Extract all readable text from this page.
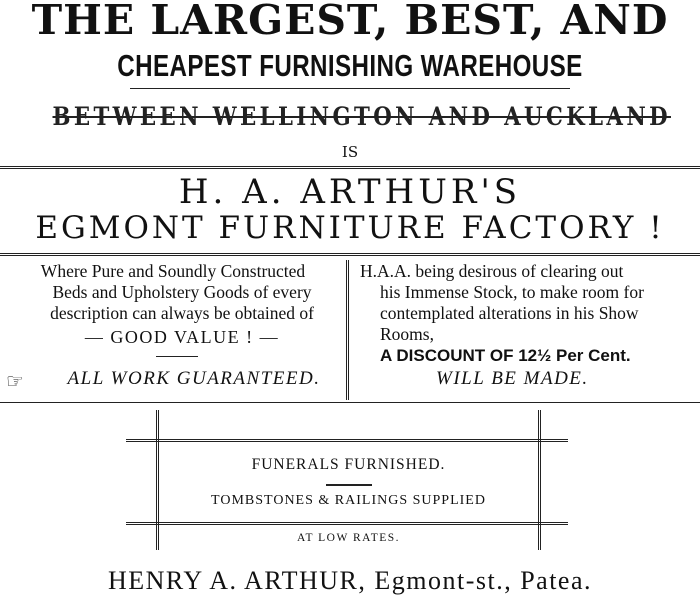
THE LARGEST, BEST, AND
CHEAPEST FURNISHING WAREHOUSE
BETWEEN WELLINGTON AND AUCKLAND
IS
H. A. ARTHUR'S
EGMONT FURNITURE FACTORY !
Where Pure and Soundly Constructed
Beds and Upholstery Goods of every
description can always be obtained of
— GOOD VALUE ! —
☞	ALL WORK GUARANTEED.
H.A.A. being desirous of clearing out
his Immense Stock, to make room for
contemplated alterations in his Show
Rooms,
A DISCOUNT OF 12½ Per Cent.
WILL BE MADE.
FUNERALS FURNISHED.
TOMBSTONES & RAILINGS SUPPLIED
AT LOW RATES.
HENRY A. ARTHUR, Egmont-st., Patea.
